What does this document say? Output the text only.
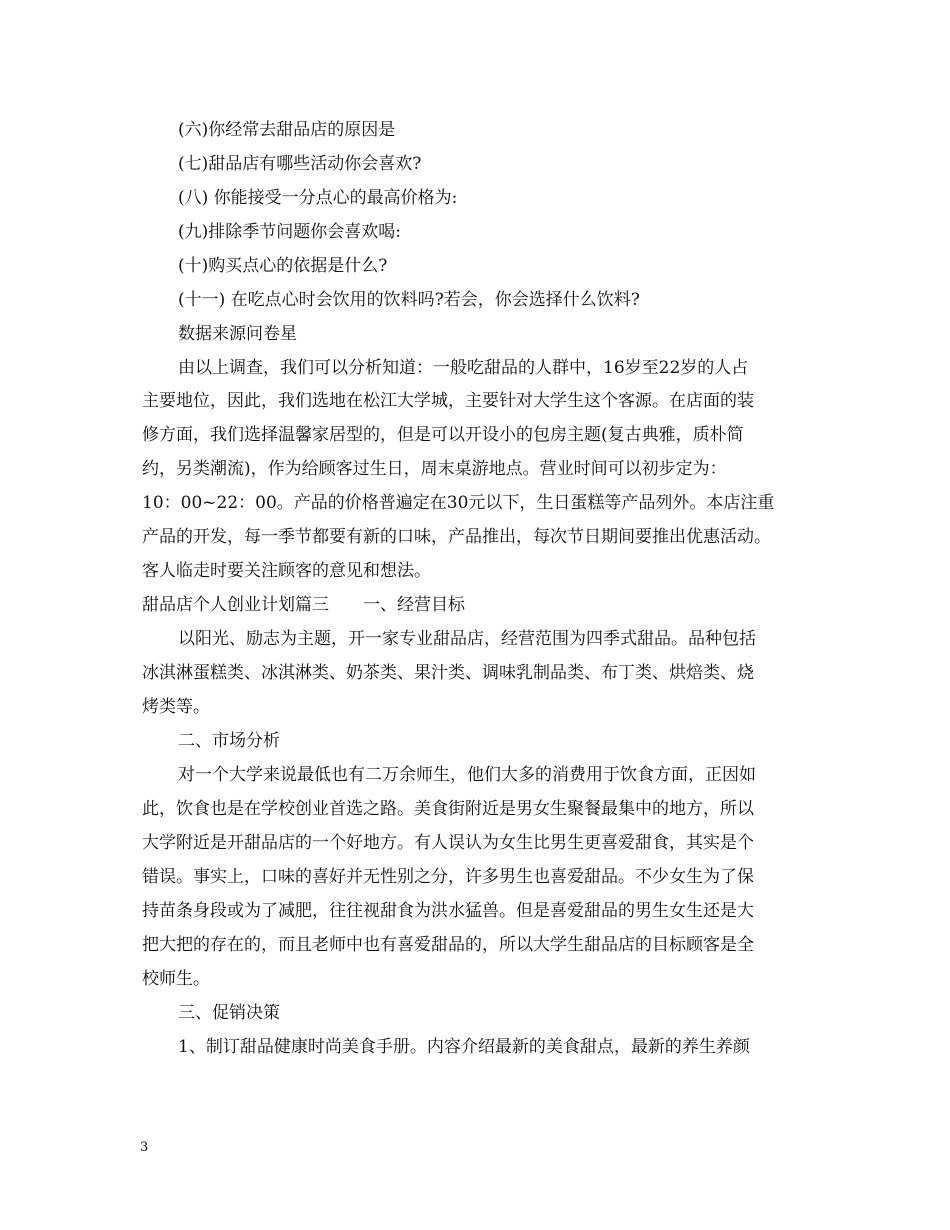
(六)你经常去甜品店的原因是
(七)甜品店有哪些活动你会喜欢?
(八) 你能接受一分点心的最高价格为:
(九)排除季节问题你会喜欢喝:
(十)购买点心的依据是什么?
(十一) 在吃点心时会饮用的饮料吗?若会，你会选择什么饮料?
数据来源问卷星
由以上调查，我们可以分析知道：一般吃甜品的人群中，16岁至22岁的人占
主要地位，因此，我们选地在松江大学城，主要针对大学生这个客源。在店面的装
修方面，我们选择温馨家居型的，但是可以开设小的包房主题(复古典雅，质朴简
约，另类潮流)，作为给顾客过生日，周末桌游地点。营业时间可以初步定为：
10：00~22：00。产品的价格普遍定在30元以下，生日蛋糕等产品列外。本店注重
产品的开发，每一季节都要有新的口味，产品推出，每次节日期间要推出优惠活动。
客人临走时要关注顾客的意见和想法。
甜品店个人创业计划篇三　　一、经营目标
以阳光、励志为主题，开一家专业甜品店，经营范围为四季式甜品。品种包括
冰淇淋蛋糕类、冰淇淋类、奶茶类、果汁类、调味乳制品类、布丁类、烘焙类、烧
烤类等。
二、市场分析
对一个大学来说最低也有二万余师生，他们大多的消费用于饮食方面，正因如
此，饮食也是在学校创业首选之路。美食街附近是男女生聚餐最集中的地方，所以
大学附近是开甜品店的一个好地方。有人误认为女生比男生更喜爱甜食，其实是个
错误。事实上，口味的喜好并无性别之分，许多男生也喜爱甜品。不少女生为了保
持苗条身段或为了减肥，往往视甜食为洪水猛兽。但是喜爱甜品的男生女生还是大
把大把的存在的，而且老师中也有喜爱甜品的，所以大学生甜品店的目标顾客是全
校师生。
三、促销决策
1、制订甜品健康时尚美食手册。内容介绍最新的美食甜点，最新的养生养颜
3
